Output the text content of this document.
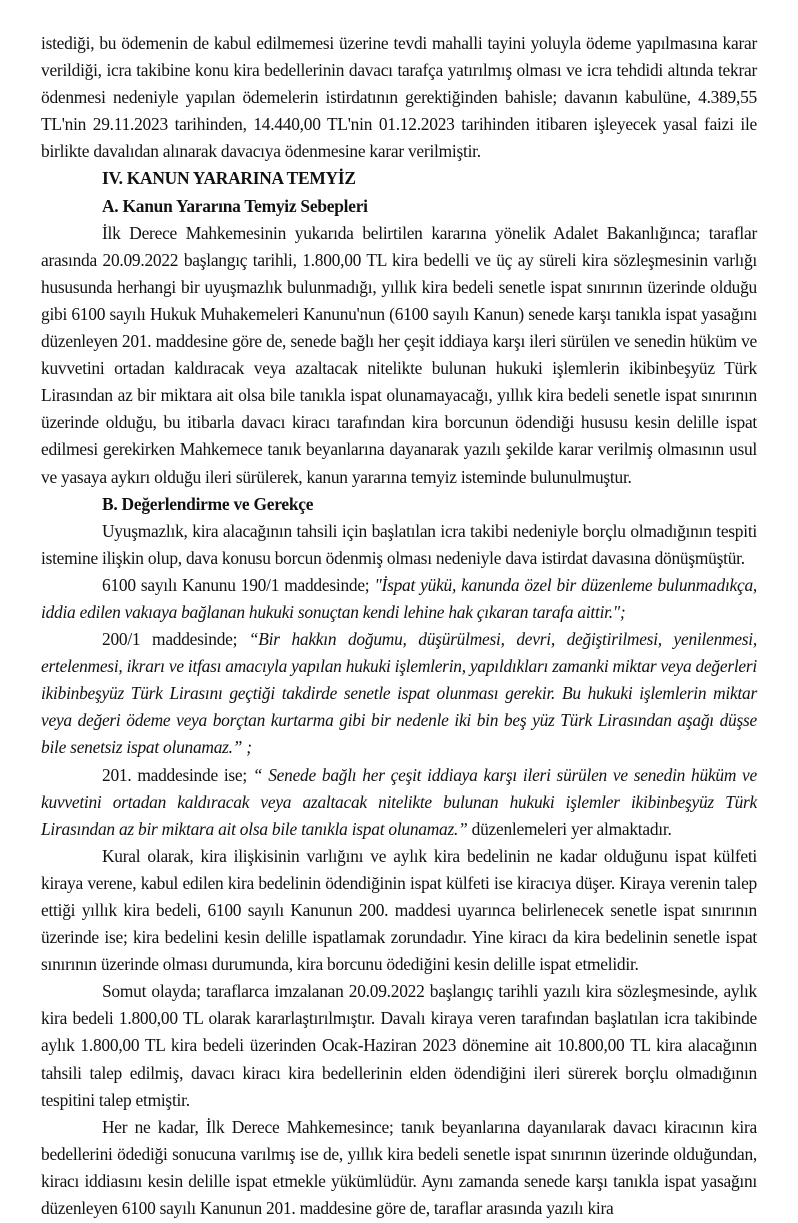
istediği, bu ödemenin de kabul edilmemesi üzerine tevdi mahalli tayini yoluyla ödeme yapılmasına karar verildiği, icra takibine konu kira bedellerinin davacı tarafça yatırılmış olması ve icra tehdidi altında tekrar ödenmesi nedeniyle yapılan ödemelerin istirdatının gerektiğinden bahisle; davanın kabulüne, 4.389,55 TL'nin 29.11.2023 tarihinden, 14.440,00 TL'nin 01.12.2023 tarihinden itibaren işleyecek yasal faizi ile birlikte davalıdan alınarak davacıya ödenmesine karar verilmiştir.

IV. KANUN YARARINA TEMYİZ

A. Kanun Yararına Temyiz Sebepleri

İlk Derece Mahkemesinin yukarıda belirtilen kararına yönelik Adalet Bakanlığınca; taraflar arasında 20.09.2022 başlangıç tarihli, 1.800,00 TL kira bedelli ve üç ay süreli kira sözleşmesinin varlığı hususunda herhangi bir uyuşmazlık bulunmadığı, yıllık kira bedeli senetle ispat sınırının üzerinde olduğu gibi 6100 sayılı Hukuk Muhakemeleri Kanunu'nun (6100 sayılı Kanun) senede karşı tanıkla ispat yasağını düzenleyen 201. maddesine göre de, senede bağlı her çeşit iddiaya karşı ileri sürülen ve senedin hüküm ve kuvvetini ortadan kaldıracak veya azaltacak nitelikte bulunan hukuki işlemlerin ikibinbeşyüz Türk Lirasından az bir miktara ait olsa bile tanıkla ispat olunamayacağı, yıllık kira bedeli senetle ispat sınırının üzerinde olduğu, bu itibarla davacı kiracı tarafından kira borcunun ödendiği hususu kesin delille ispat edilmesi gerekirken Mahkemece tanık beyanlarına dayanarak yazılı şekilde karar verilmiş olmasının usul ve yasaya aykırı olduğu ileri sürülerek, kanun yararına temyiz isteminde bulunulmuştur.

B. Değerlendirme ve Gerekçe

Uyuşmazlık, kira alacağının tahsili için başlatılan icra takibi nedeniyle borçlu olmadığının tespiti istemine ilişkin olup, dava konusu borcun ödenmiş olması nedeniyle dava istirdat davasına dönüşmüştür.

6100 sayılı Kanunu 190/1 maddesinde; "İspat yükü, kanunda özel bir düzenleme bulunmadıkça, iddia edilen vakıaya bağlanan hukuki sonuçtan kendi lehine hak çıkaran tarafa aittir.";

200/1 maddesinde; “Bir hakkın doğumu, düşürülmesi, devri, değiştirilmesi, yenilenmesi, ertelenmesi, ikrarı ve itfası amacıyla yapılan hukuki işlemlerin, yapıldıkları zamanki miktar veya değerleri ikibinbeşyüz Türk Lirasını geçtiği takdirde senetle ispat olunması gerekir. Bu hukuki işlemlerin miktar veya değeri ödeme veya borçtan kurtarma gibi bir nedenle iki bin beş yüz Türk Lirasından aşağı düşse bile senetsiz ispat olunamaz.” ;

201. maddesinde ise; “ Senede bağlı her çeşit iddiaya karşı ileri sürülen ve senedin hüküm ve kuvvetini ortadan kaldıracak veya azaltacak nitelikte bulunan hukuki işlemler ikibinbeşyüz Türk Lirasından az bir miktara ait olsa bile tanıkla ispat olunamaz.” düzenlemeleri yer almaktadır.

Kural olarak, kira ilişkisinin varlığını ve aylık kira bedelinin ne kadar olduğunu ispat külfeti kiraya verene, kabul edilen kira bedelinin ödendiğinin ispat külfeti ise kiracıya düşer. Kiraya verenin talep ettiği yıllık kira bedeli, 6100 sayılı Kanunun 200. maddesi uyarınca belirlenecek senetle ispat sınırının üzerinde ise; kira bedelini kesin delille ispatlamak zorundadır. Yine kiracı da kira bedelinin senetle ispat sınırının üzerinde olması durumunda, kira borcunu ödediğini kesin delille ispat etmelidir.

Somut olayda; taraflarca imzalanan 20.09.2022 başlangıç tarihli yazılı kira sözleşmesinde, aylık kira bedeli 1.800,00 TL olarak kararlaştırılmıştır. Davalı kiraya veren tarafından başlatılan icra takibinde aylık 1.800,00 TL kira bedeli üzerinden Ocak-Haziran 2023 dönemine ait 10.800,00 TL kira alacağının tahsili talep edilmiş, davacı kiracı kira bedellerinin elden ödendiğini ileri sürerek borçlu olmadığının tespitini talep etmiştir.

Her ne kadar, İlk Derece Mahkemesince; tanık beyanlarına dayanılarak davacı kiracının kira bedellerini ödediği sonucuna varılmış ise de, yıllık kira bedeli senetle ispat sınırının üzerinde olduğundan, kiracı iddiasını kesin delille ispat etmekle yükümlüdür. Aynı zamanda senede karşı tanıkla ispat yasağını düzenleyen 6100 sayılı Kanunun 201. maddesine göre de, taraflar arasında yazılı kira
